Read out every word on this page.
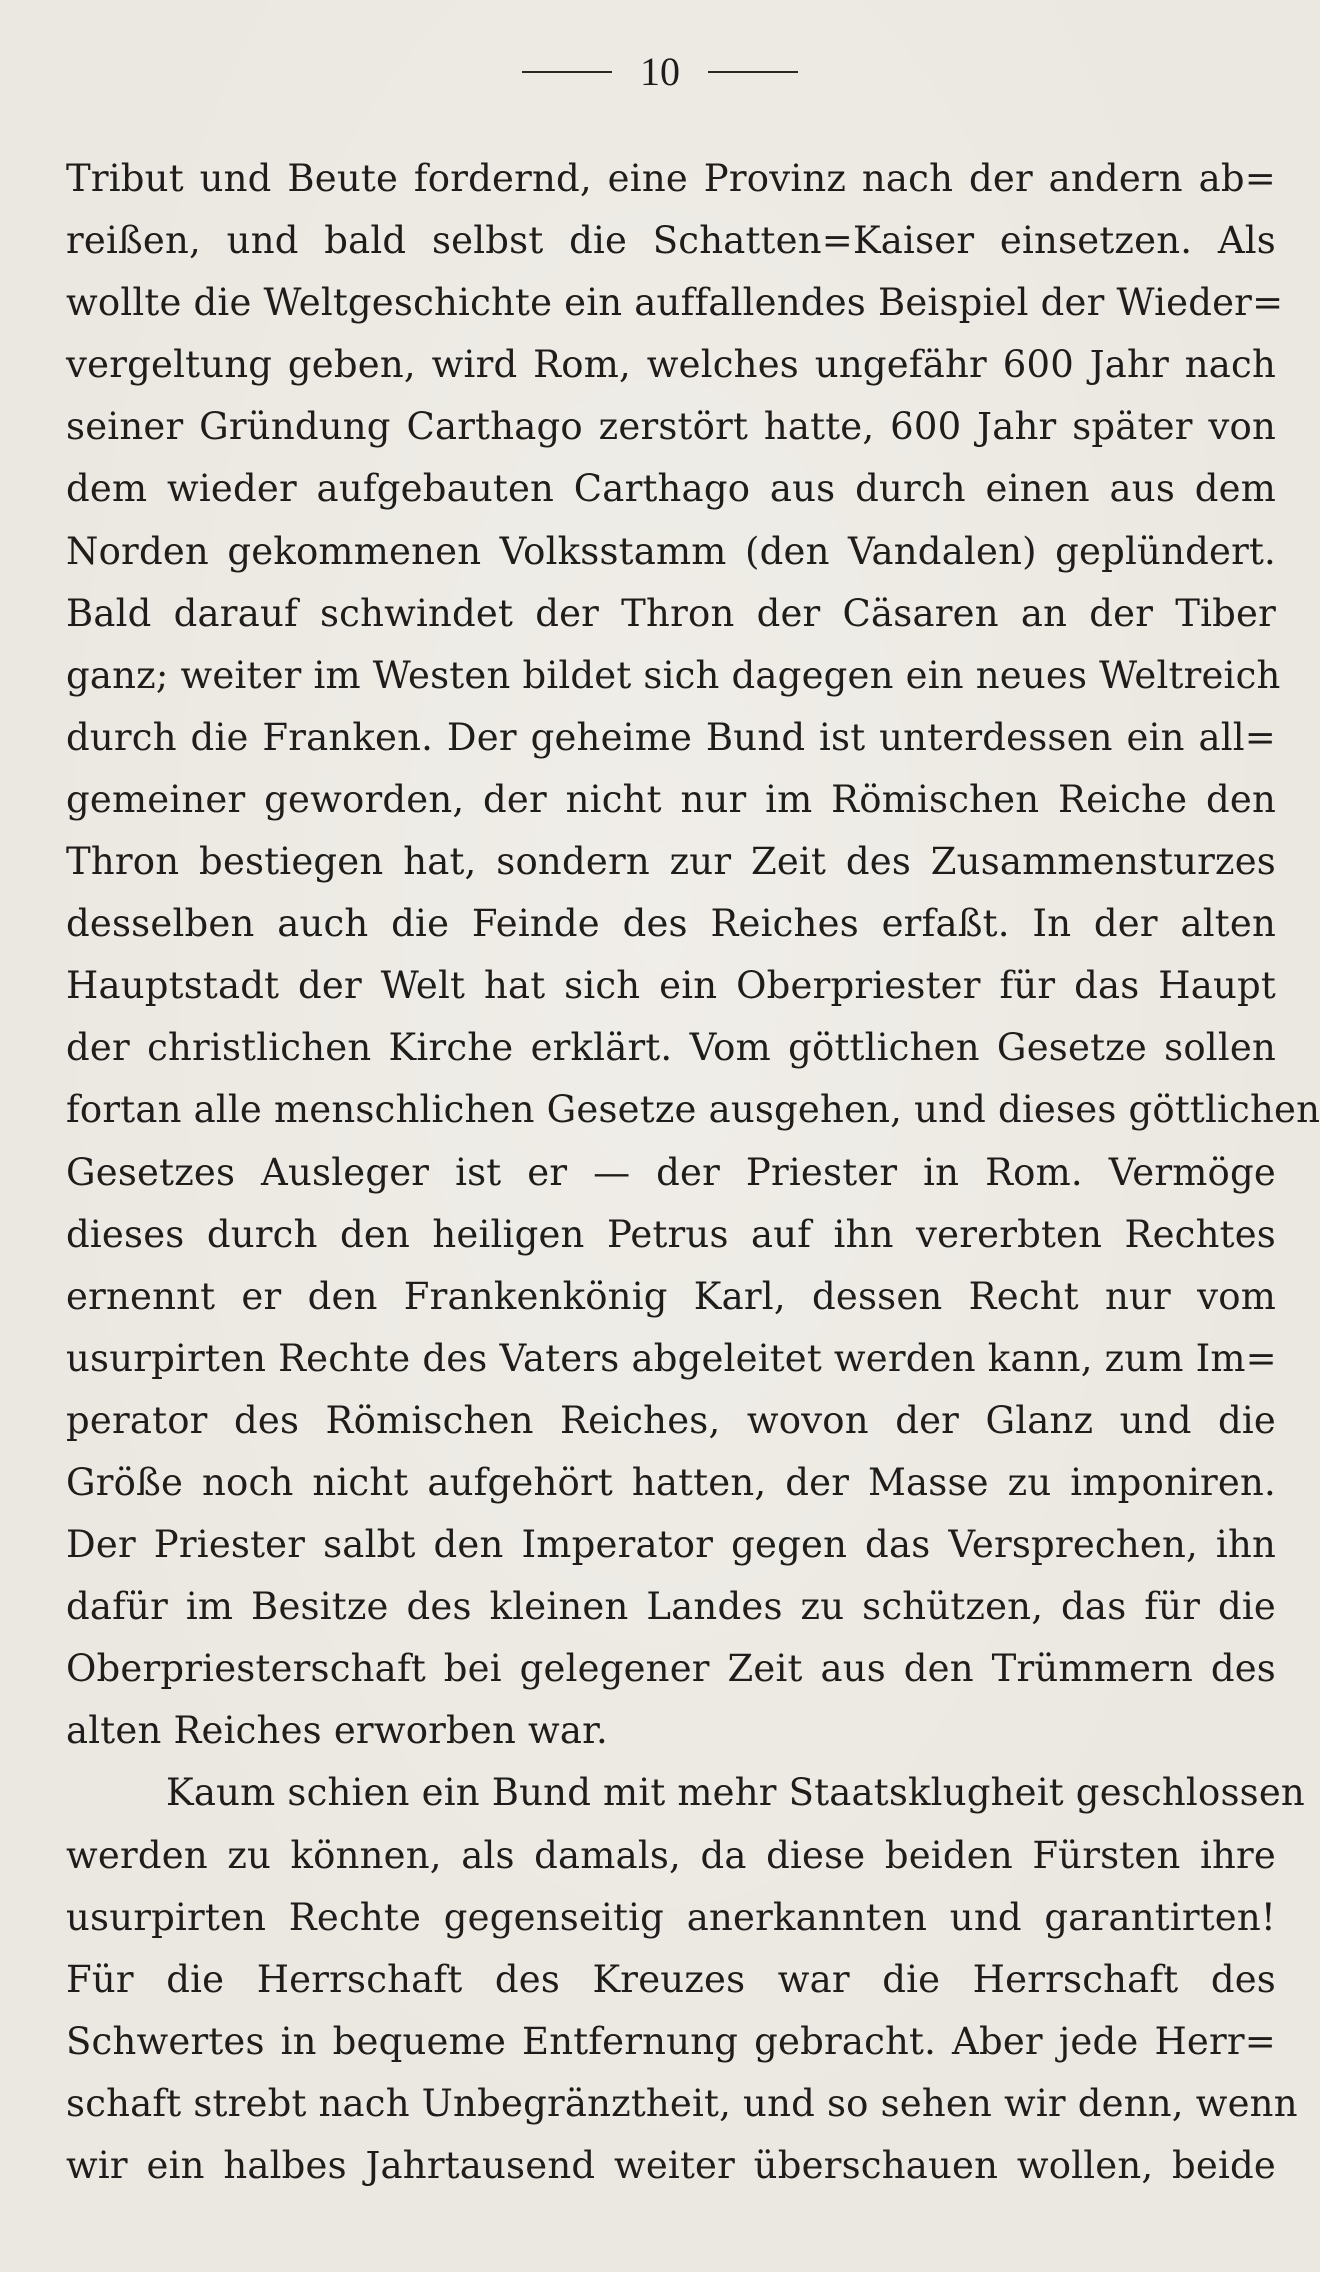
10
Tribut und Beute fordernd, eine Provinz nach der andern ab=
reißen, und bald selbst die Schatten=Kaiser einsetzen. Als
wollte die Weltgeschichte ein auffallendes Beispiel der Wieder=
vergeltung geben, wird Rom, welches ungefähr 600 Jahr nach
seiner Gründung Carthago zerstört hatte, 600 Jahr später von
dem wieder aufgebauten Carthago aus durch einen aus dem
Norden gekommenen Volksstamm (den Vandalen) geplündert.
Bald darauf schwindet der Thron der Cäsaren an der Tiber
ganz; weiter im Westen bildet sich dagegen ein neues Weltreich
durch die Franken. Der geheime Bund ist unterdessen ein all=
gemeiner geworden, der nicht nur im Römischen Reiche den
Thron bestiegen hat, sondern zur Zeit des Zusammensturzes
desselben auch die Feinde des Reiches erfaßt. In der alten
Hauptstadt der Welt hat sich ein Oberpriester für das Haupt
der christlichen Kirche erklärt. Vom göttlichen Gesetze sollen
fortan alle menschlichen Gesetze ausgehen, und dieses göttlichen
Gesetzes Ausleger ist er — der Priester in Rom. Vermöge
dieses durch den heiligen Petrus auf ihn vererbten Rechtes
ernennt er den Frankenkönig Karl, dessen Recht nur vom
usurpirten Rechte des Vaters abgeleitet werden kann, zum Im=
perator des Römischen Reiches, wovon der Glanz und die
Größe noch nicht aufgehört hatten, der Masse zu imponiren.
Der Priester salbt den Imperator gegen das Versprechen, ihn
dafür im Besitze des kleinen Landes zu schützen, das für die
Oberpriesterschaft bei gelegener Zeit aus den Trümmern des
alten Reiches erworben war.
Kaum schien ein Bund mit mehr Staatsklugheit geschlossen
werden zu können, als damals, da diese beiden Fürsten ihre
usurpirten Rechte gegenseitig anerkannten und garantirten!
Für die Herrschaft des Kreuzes war die Herrschaft des
Schwertes in bequeme Entfernung gebracht. Aber jede Herr=
schaft strebt nach Unbegränztheit, und so sehen wir denn, wenn
wir ein halbes Jahrtausend weiter überschauen wollen, beide
